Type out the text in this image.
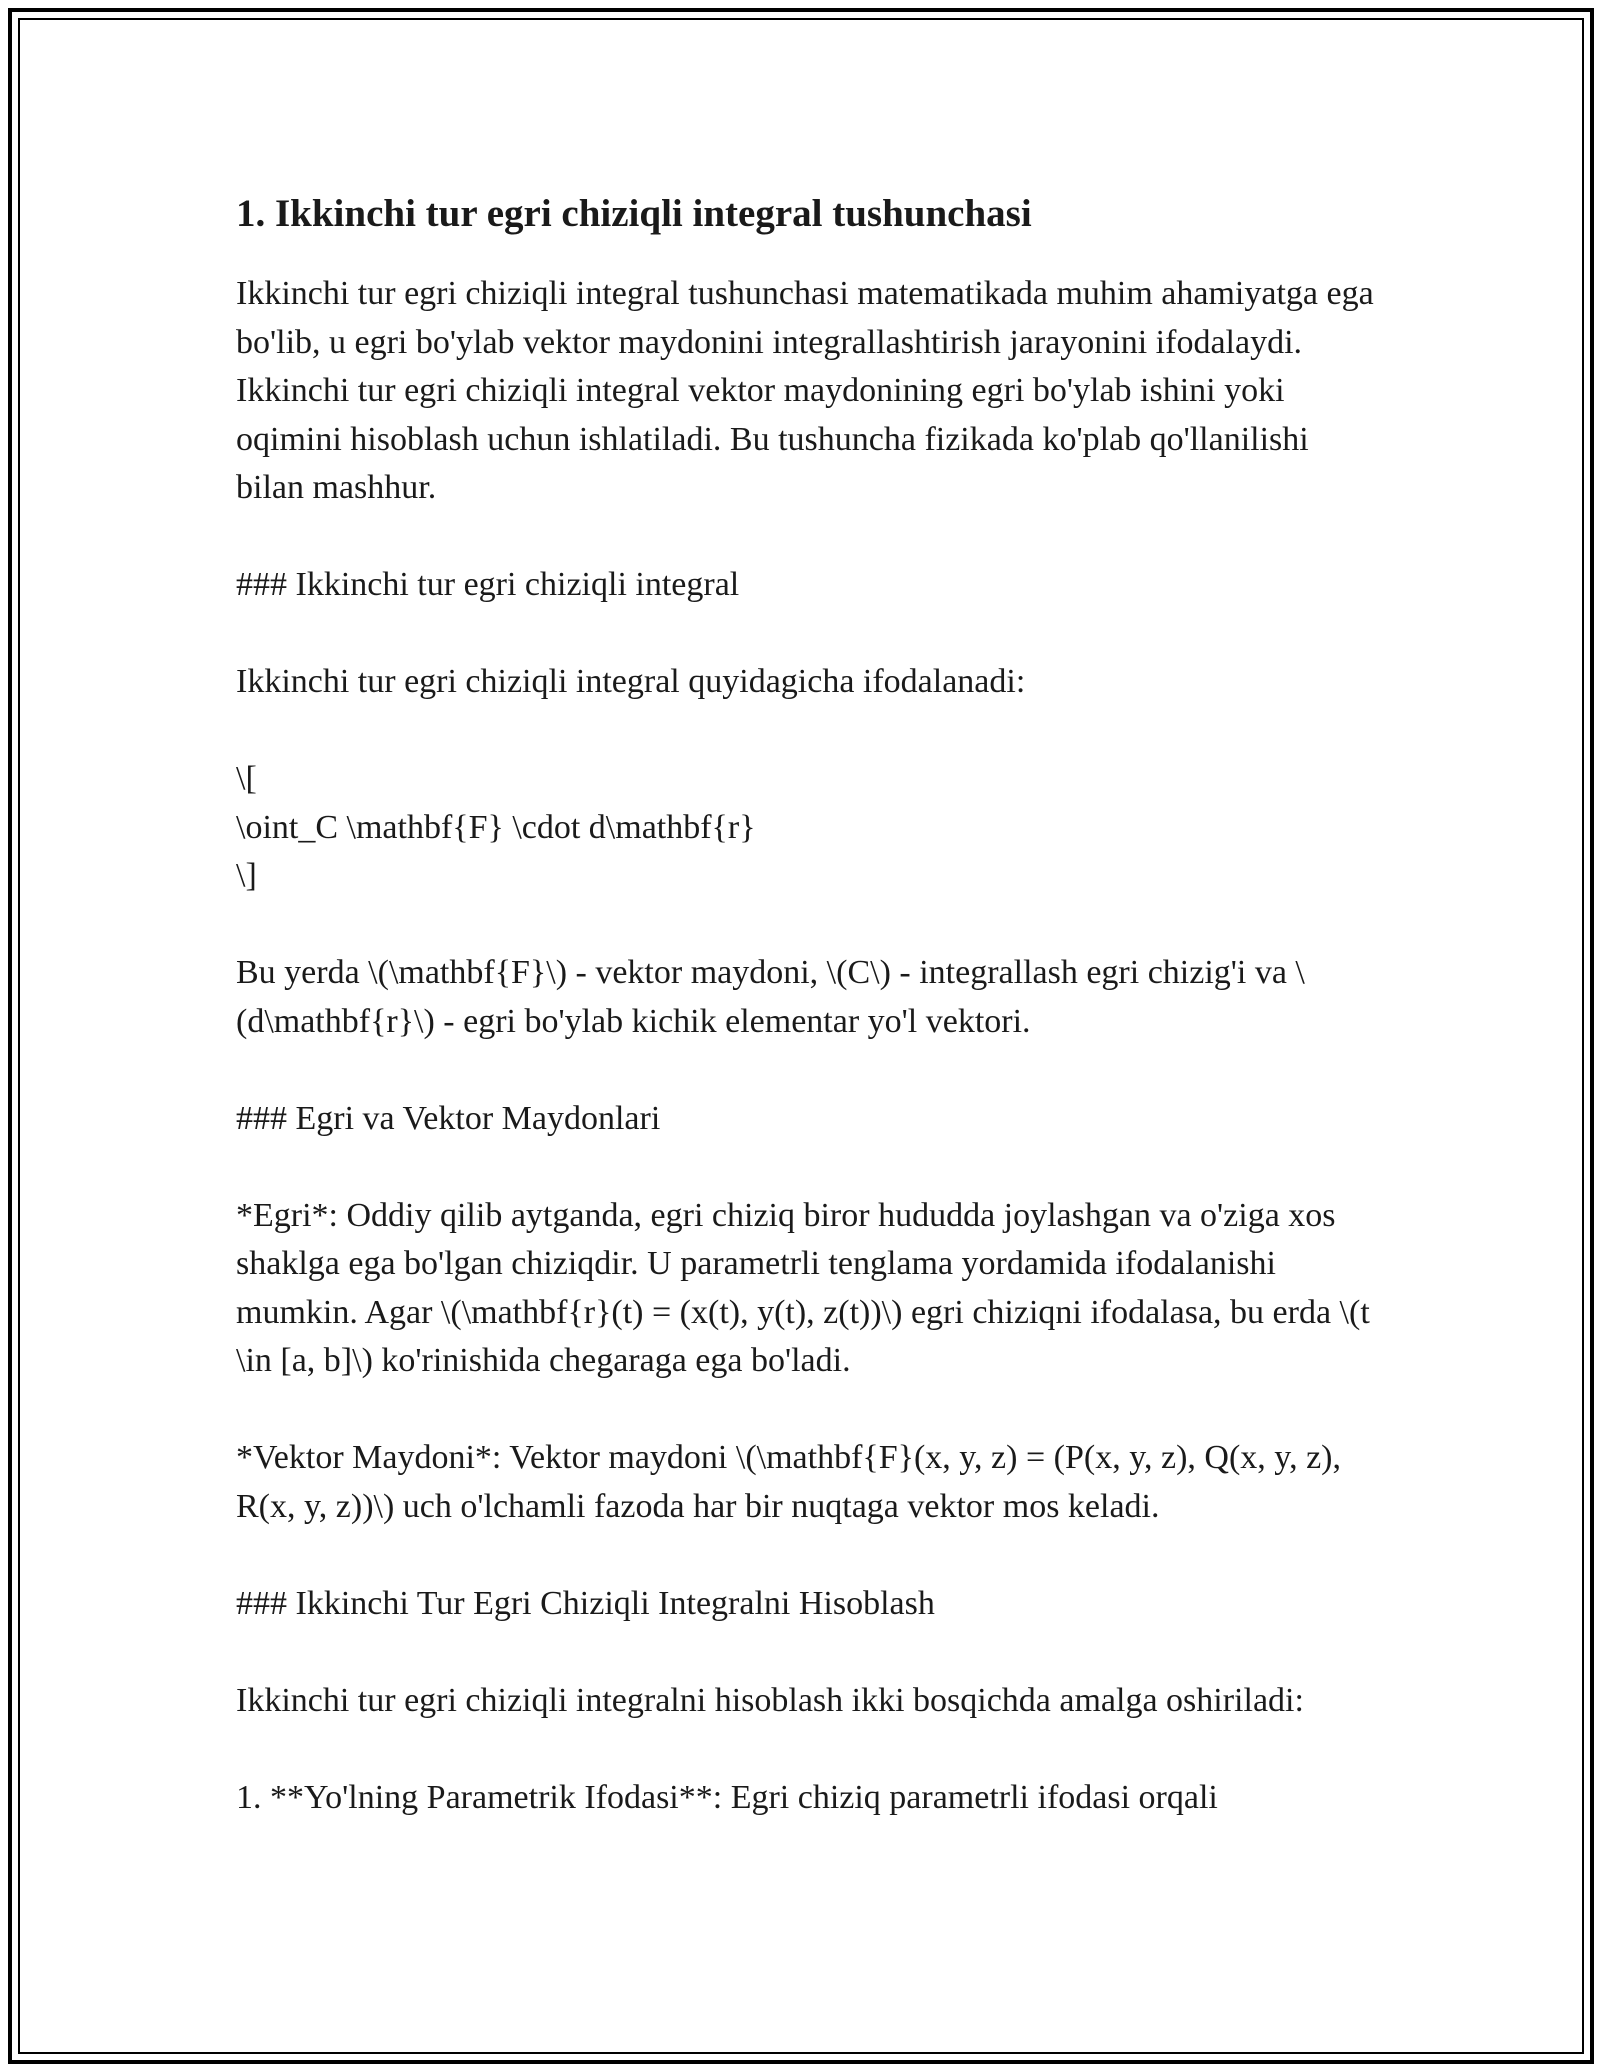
1. Ikkinchi tur egri chiziqli integral tushunchasi

Ikkinchi tur egri chiziqli integral tushunchasi matematikada muhim ahamiyatga ega bo'lib, u egri bo'ylab vektor maydonini integrallashtirish jarayonini ifodalaydi. Ikkinchi tur egri chiziqli integral vektor maydonining egri bo'ylab ishini yoki oqimini hisoblash uchun ishlatiladi. Bu tushuncha fizikada ko'plab qo'llanilishi bilan mashhur.

### Ikkinchi tur egri chiziqli integral

Ikkinchi tur egri chiziqli integral quyidagicha ifodalanadi:

\[

\oint_C \mathbf{F} \cdot d\mathbf{r}

\]

Bu yerda \(\mathbf{F}\) - vektor maydoni, \(C\) - integrallash egri chizig'i va \(d\mathbf{r}\) - egri bo'ylab kichik elementar yo'l vektori.

### Egri va Vektor Maydonlari

*Egri*: Oddiy qilib aytganda, egri chiziq biror hududda joylashgan va o'ziga xos shaklga ega bo'lgan chiziqdir. U parametrli tenglama yordamida ifodalanishi mumkin. Agar \(\mathbf{r}(t) = (x(t), y(t), z(t))\) egri chiziqni ifodalasa, bu erda \(t \in [a, b]\) ko'rinishida chegaraga ega bo'ladi.

*Vektor Maydoni*: Vektor maydoni \(\mathbf{F}(x, y, z) = (P(x, y, z), Q(x, y, z), R(x, y, z))\) uch o'lchamli fazoda har bir nuqtaga vektor mos keladi.

### Ikkinchi Tur Egri Chiziqli Integralni Hisoblash

Ikkinchi tur egri chiziqli integralni hisoblash ikki bosqichda amalga oshiriladi:

1. **Yo'lning Parametrik Ifodasi**: Egri chiziq parametrli ifodasi orqali
